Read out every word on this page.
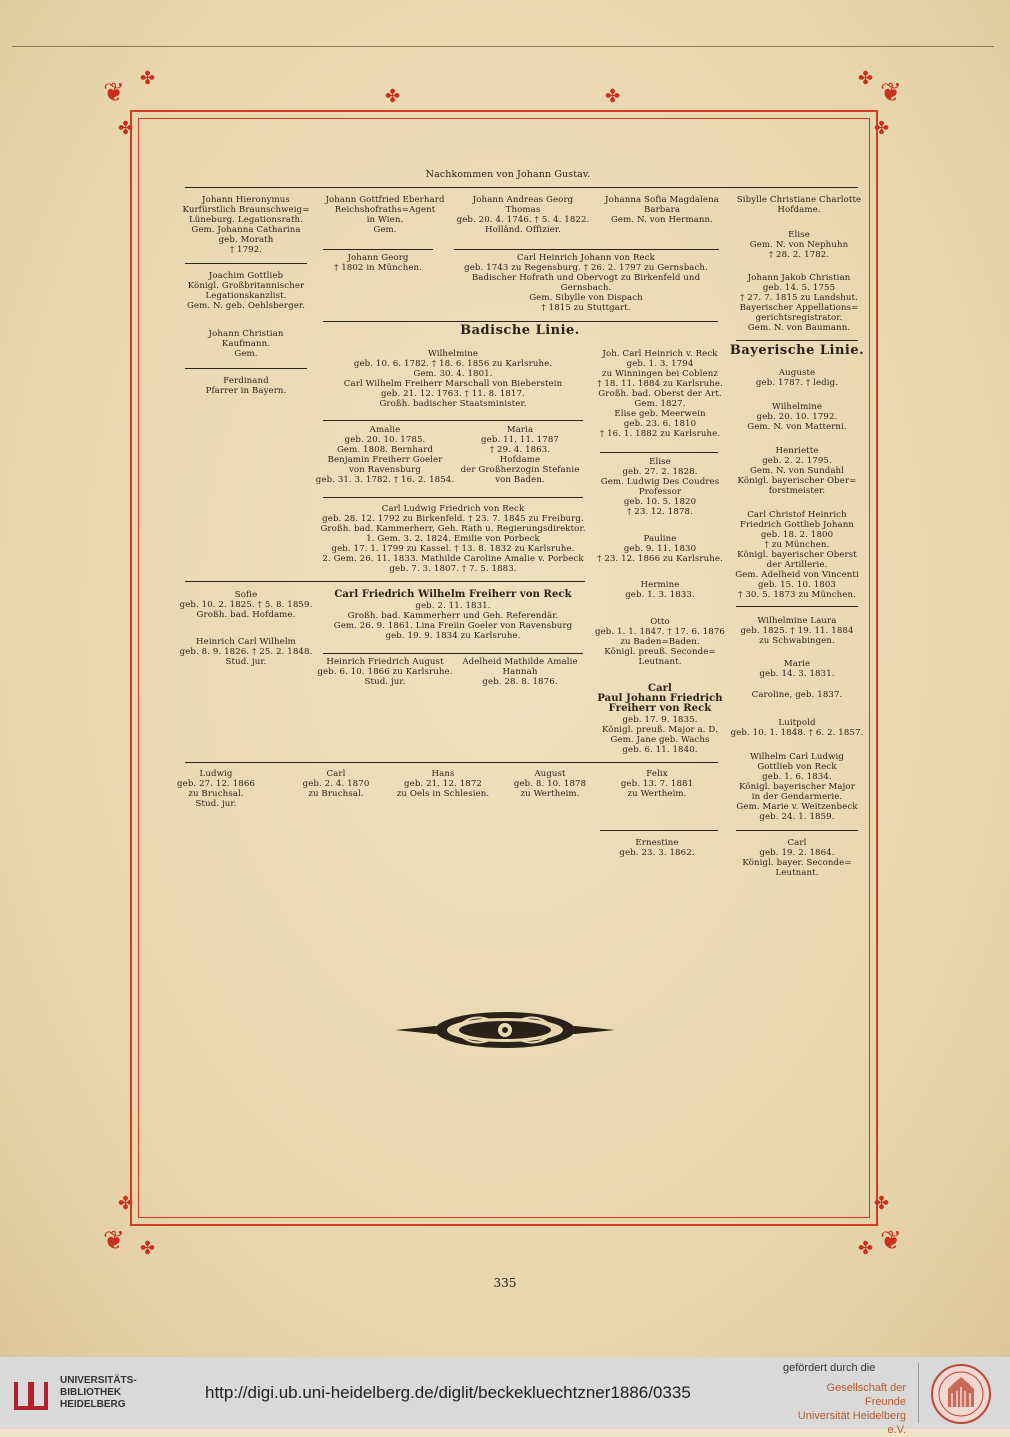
❦ ✤
✤	✤
✤ ❦
✤	✤
❦ ✤	✤ ❦
✤	✤
Nachkommen von Johann Gustav.
Johann Hieronymus
Kurfürstlich Braunschweig=
Lüneburg. Legationsrath.
Gem. Johanna Catharina
geb. Morath
† 1792.
Joachim Gottlieb
Königl. Großbritannischer
Legationskanzlist.
Gem. N. geb. Oehlsberger.
Johann Christian
Kaufmann.
Gem.
Ferdinand
Pfarrer in Bayern.
Johann Gottfried Eberhard
Reichshofraths=Agent
in Wien.
Gem.
Johann Georg
† 1802 in München.
Johann Andreas Georg
Thomas
geb. 20. 4. 1746. † 5. 4. 1822.
Holländ. Offizier.
Johanna Sofia Magdalena
Barbara
Gem. N. von Hermann.
Carl Heinrich Johann von Reck
geb. 1743 zu Regensburg. † 26. 2. 1797 zu Gernsbach.
Badischer Hofrath und Obervogt zu Birkenfeld und
Gernsbach.
Gem. Sibylle von Dispach
† 1815 zu Stuttgart.
Sibylle Christiane Charlotte
Hofdame.
Elise
Gem. N. von Nephuhn
† 28. 2. 1782.
Johann Jakob Christian
geb. 14. 5. 1755
† 27. 7. 1815 zu Landshut.
Bayerischer Appellations=
gerichtsregistrator.
Gem. N. von Baumann.
Badische Linie.
Bayerische Linie.
Wilhelmine
geb. 10. 6. 1782. † 18. 6. 1856 zu Karlsruhe.
Gem. 30. 4. 1801.
Carl Wilhelm Freiherr Marschall von Bieberstein
geb. 21. 12. 1763. † 11. 8. 1817.
Großh. badischer Staatsminister.
Amalie
geb. 20. 10. 1785.
Gem. 1808. Bernhard
Benjamin Freiherr Goeler
von Ravensburg
geb. 31. 3. 1782. † 16. 2. 1854.
Maria
geb. 11. 11. 1787
† 29. 4. 1863.
Hofdame
der Großherzogin Stefanie
von Baden.
Carl Ludwig Friedrich von Reck
geb. 28. 12. 1792 zu Birkenfeld. † 23. 7. 1845 zu Freiburg.
Großh. bad. Kammerherr, Geh. Rath u. Regierungsdirektor.
1. Gem. 3. 2. 1824. Emilie von Porbeck
geb. 17. 1. 1799 zu Kassel. † 13. 8. 1832 zu Karlsruhe.
2. Gem. 26. 11. 1833. Mathilde Caroline Amalie v. Porbeck
geb. 7. 3. 1807. † 7. 5. 1883.
Joh. Carl Heinrich v. Reck
geb. 1. 3. 1794
zu Winningen bei Coblenz
† 18. 11. 1884 zu Karlsruhe.
Großh. bad. Oberst der Art.
Gem. 1827.
Elise geb. Meerwein
geb. 23. 6. 1810
† 16. 1. 1882 zu Karlsruhe.
Elise
geb. 27. 2. 1828.
Gem. Ludwig Des Coudres
Professor
geb. 10. 5. 1820
† 23. 12. 1878.
Pauline
geb. 9. 11. 1830
† 23. 12. 1866 zu Karlsruhe.
Hermine
geb. 1. 3. 1833.
Otto
geb. 1. 1. 1847. † 17. 6. 1876
zu Baden=Baden.
Königl. preuß. Seconde=
Leutnant.
Carl
Paul Johann Friedrich
Freiherr von Reck
geb. 17. 9. 1835.
Königl. preuß. Major a. D.
Gem. Jane geb. Wachs
geb. 6. 11. 1840.
Auguste
geb. 1787. † ledig.
Wilhelmine
geb. 20. 10. 1792.
Gem. N. von Matterni.
Henriette
geb. 2. 2. 1795.
Gem. N. von Sundahl
Königl. bayerischer Ober=
forstmeister.
Carl Christof Heinrich
Friedrich Gottlieb Johann
geb. 18. 2. 1800
† zu München.
Königl. bayerischer Oberst
der Artillerie.
Gem. Adelheid von Vincenti
geb. 15. 10. 1803
† 30. 5. 1873 zu München.
Wilhelmine Laura
geb. 1825. † 19. 11. 1884
zu Schwabingen.
Marie
geb. 14. 3. 1831.
Caroline, geb. 1837.
Luitpold
geb. 10. 1. 1848. † 6. 2. 1857.
Wilhelm Carl Ludwig
Gottlieb von Reck
geb. 1. 6. 1834.
Königl. bayerischer Major
in der Gendarmerie.
Gem. Marie v. Weitzenbeck
geb. 24. 1. 1859.
Carl
geb. 19. 2. 1864.
Königl. bayer. Seconde=
Leutnant.
Sofie
geb. 10. 2. 1825. † 5. 8. 1859.
Großh. bad. Hofdame.
Heinrich Carl Wilhelm
geb. 8. 9. 1826. † 25. 2. 1848.
Stud. jur.
Carl Friedrich Wilhelm Freiherr von Reck
geb. 2. 11. 1831.
Großh. bad. Kammerherr und Geh. Referendär.
Gem. 26. 9. 1861. Lina Freiin Goeler von Ravensburg
geb. 19. 9. 1834 zu Karlsruhe.
Heinrich Friedrich August
geb. 6. 10. 1866 zu Karlsruhe.
Stud. jur.
Adelheid Mathilde Amalie
Hannah
geb. 28. 8. 1876.
Ludwig
geb. 27. 12. 1866
zu Bruchsal.
Stud. jur.
Carl
geb. 2. 4. 1870
zu Bruchsal.
Hans
geb. 21. 12. 1872
zu Oels in Schlesien.
August
geb. 8. 10. 1878
zu Wertheim.
Felix
geb. 13. 7. 1881
zu Wertheim.
Ernestine
geb. 23. 3. 1862.
335
UNIVERSITÄTS-
BIBLIOTHEK
HEIDELBERG
http://digi.ub.uni-heidelberg.de/diglit/beckekluechtzner1886/0335
gefördert durch die
Gesellschaft der Freunde
Universität Heidelberg e.V.
